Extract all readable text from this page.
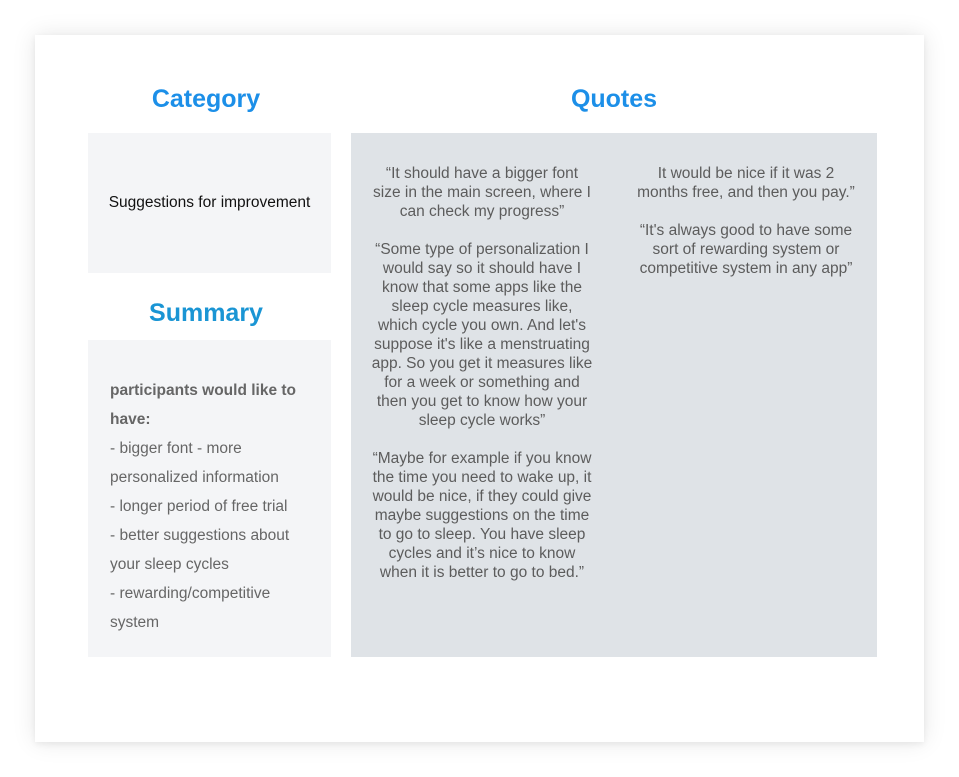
Category	Quotes
Summary
Suggestions for improvement
participants would like to have:
- bigger font - more personalized information
- longer period of free trial
- better suggestions about your sleep cycles
- rewarding/competitive system

“It should have a bigger font size in the main screen, where I can check my progress”

“Some type of personalization I would say so it should have I know that some apps like the sleep cycle measures like, which cycle you own. And let's suppose it's like a menstruating app. So you get it measures like for a week or something and then you get to know how your sleep cycle works”

“Maybe for example if you know the time you need to wake up, it would be nice, if they could give maybe suggestions on the time to go to sleep. You have sleep cycles and it’s nice to know when it is better to go to bed.”

It would be nice if it was 2 months free, and then you pay.”

“It's always good to have some sort of rewarding system or competitive system in any app”
